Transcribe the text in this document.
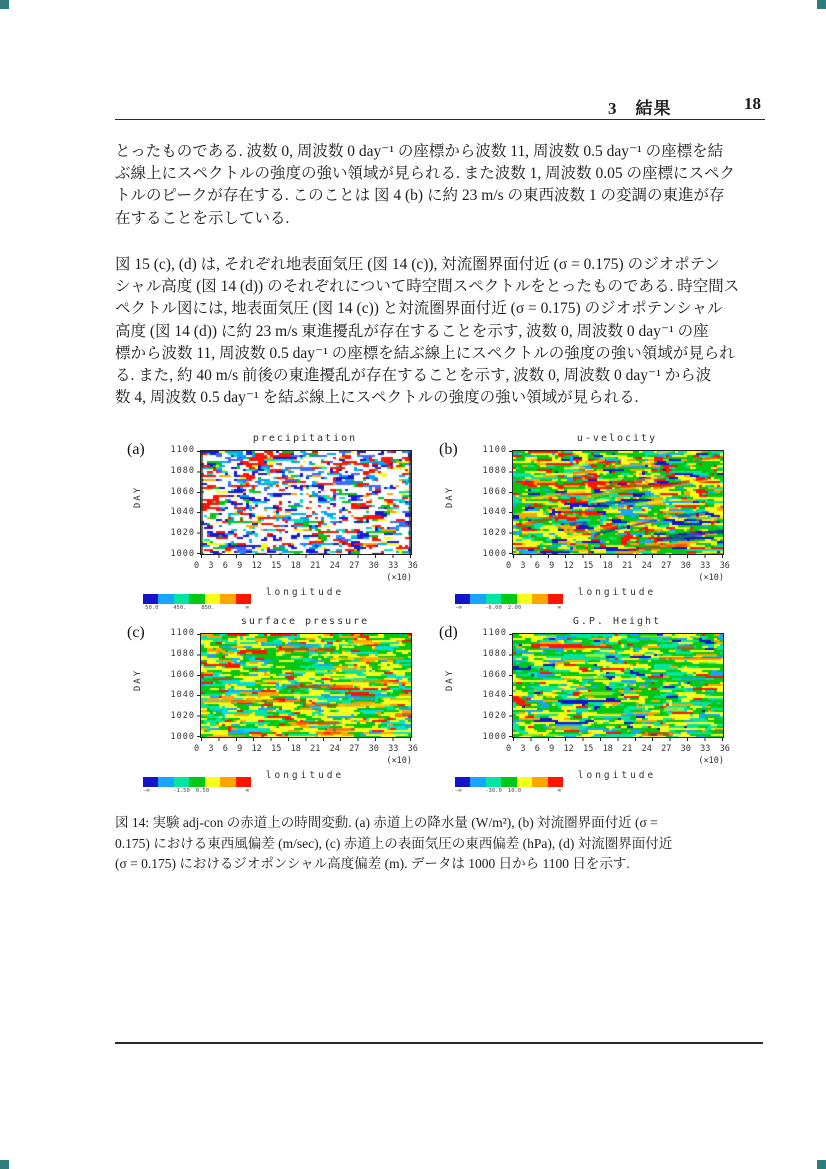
3　結果	18
とったものである. 波数 0, 周波数 0 day⁻¹ の座標から波数 11, 周波数 0.5 day⁻¹ の座標を結
ぶ線上にスペクトルの強度の強い領域が見られる. また波数 1, 周波数 0.05 の座標にスペク
トルのピークが存在する. このことは 図 4 (b) に約 23 m/s の東西波数 1 の変調の東進が存
在することを示している.
図 15 (c), (d) は, それぞれ地表面気圧 (図 14 (c)), 対流圏界面付近 (σ = 0.175) のジオポテン
シャル高度 (図 14 (d)) のそれぞれについて時空間スペクトルをとったものである. 時空間ス
ペクトル図には, 地表面気圧 (図 14 (c)) と対流圏界面付近 (σ = 0.175) のジオポテンシャル
高度 (図 14 (d)) に約 23 m/s 東進擾乱が存在することを示す, 波数 0, 周波数 0 day⁻¹ の座
標から波数 11, 周波数 0.5 day⁻¹ の座標を結ぶ線上にスペクトルの強度の強い領域が見られ
る. また, 約 40 m/s 前後の東進擾乱が存在することを示す, 波数 0, 周波数 0 day⁻¹ から波
数 4, 周波数 0.5 day⁻¹ を結ぶ線上にスペクトルの強度の強い領域が見られる.
(a)
precipitation
DAY
1100
1080
1060
1040
1020
1000
0 3 6 9 12 15 18 21 24 27 30 33 36
(×10)
longitude
50.0	450.	850.	∞
(b)
u-velocity
DAY
1100
1080
1060
1040
1020
1000
0 3 6 9 12 15 18 21 24 27 30 33 36
(×10)
longitude
-∞	-6.00 2.00	∞
(c)
surface pressure
DAY
1100
1080
1060
1040
1020
1000
0 3 6 9 12 15 18 21 24 27 30 33 36
(×10)
longitude
-∞	-1.50 0.50	∞
(d)
G.P. Height
DAY
1100
1080
1060
1040
1020
1000
0 3 6 9 12 15 18 21 24 27 30 33 36
(×10)
longitude
-∞	-30.0 10.0	∞
図 14: 実験 adj-con の赤道上の時間変動. (a) 赤道上の降水量 (W/m²), (b) 対流圏界面付近 (σ =
0.175) における東西風偏差 (m/sec), (c) 赤道上の表面気圧の東西偏差 (hPa), (d) 対流圏界面付近
(σ = 0.175) におけるジオポンシャル高度偏差 (m). データは 1000 日から 1100 日を示す.
